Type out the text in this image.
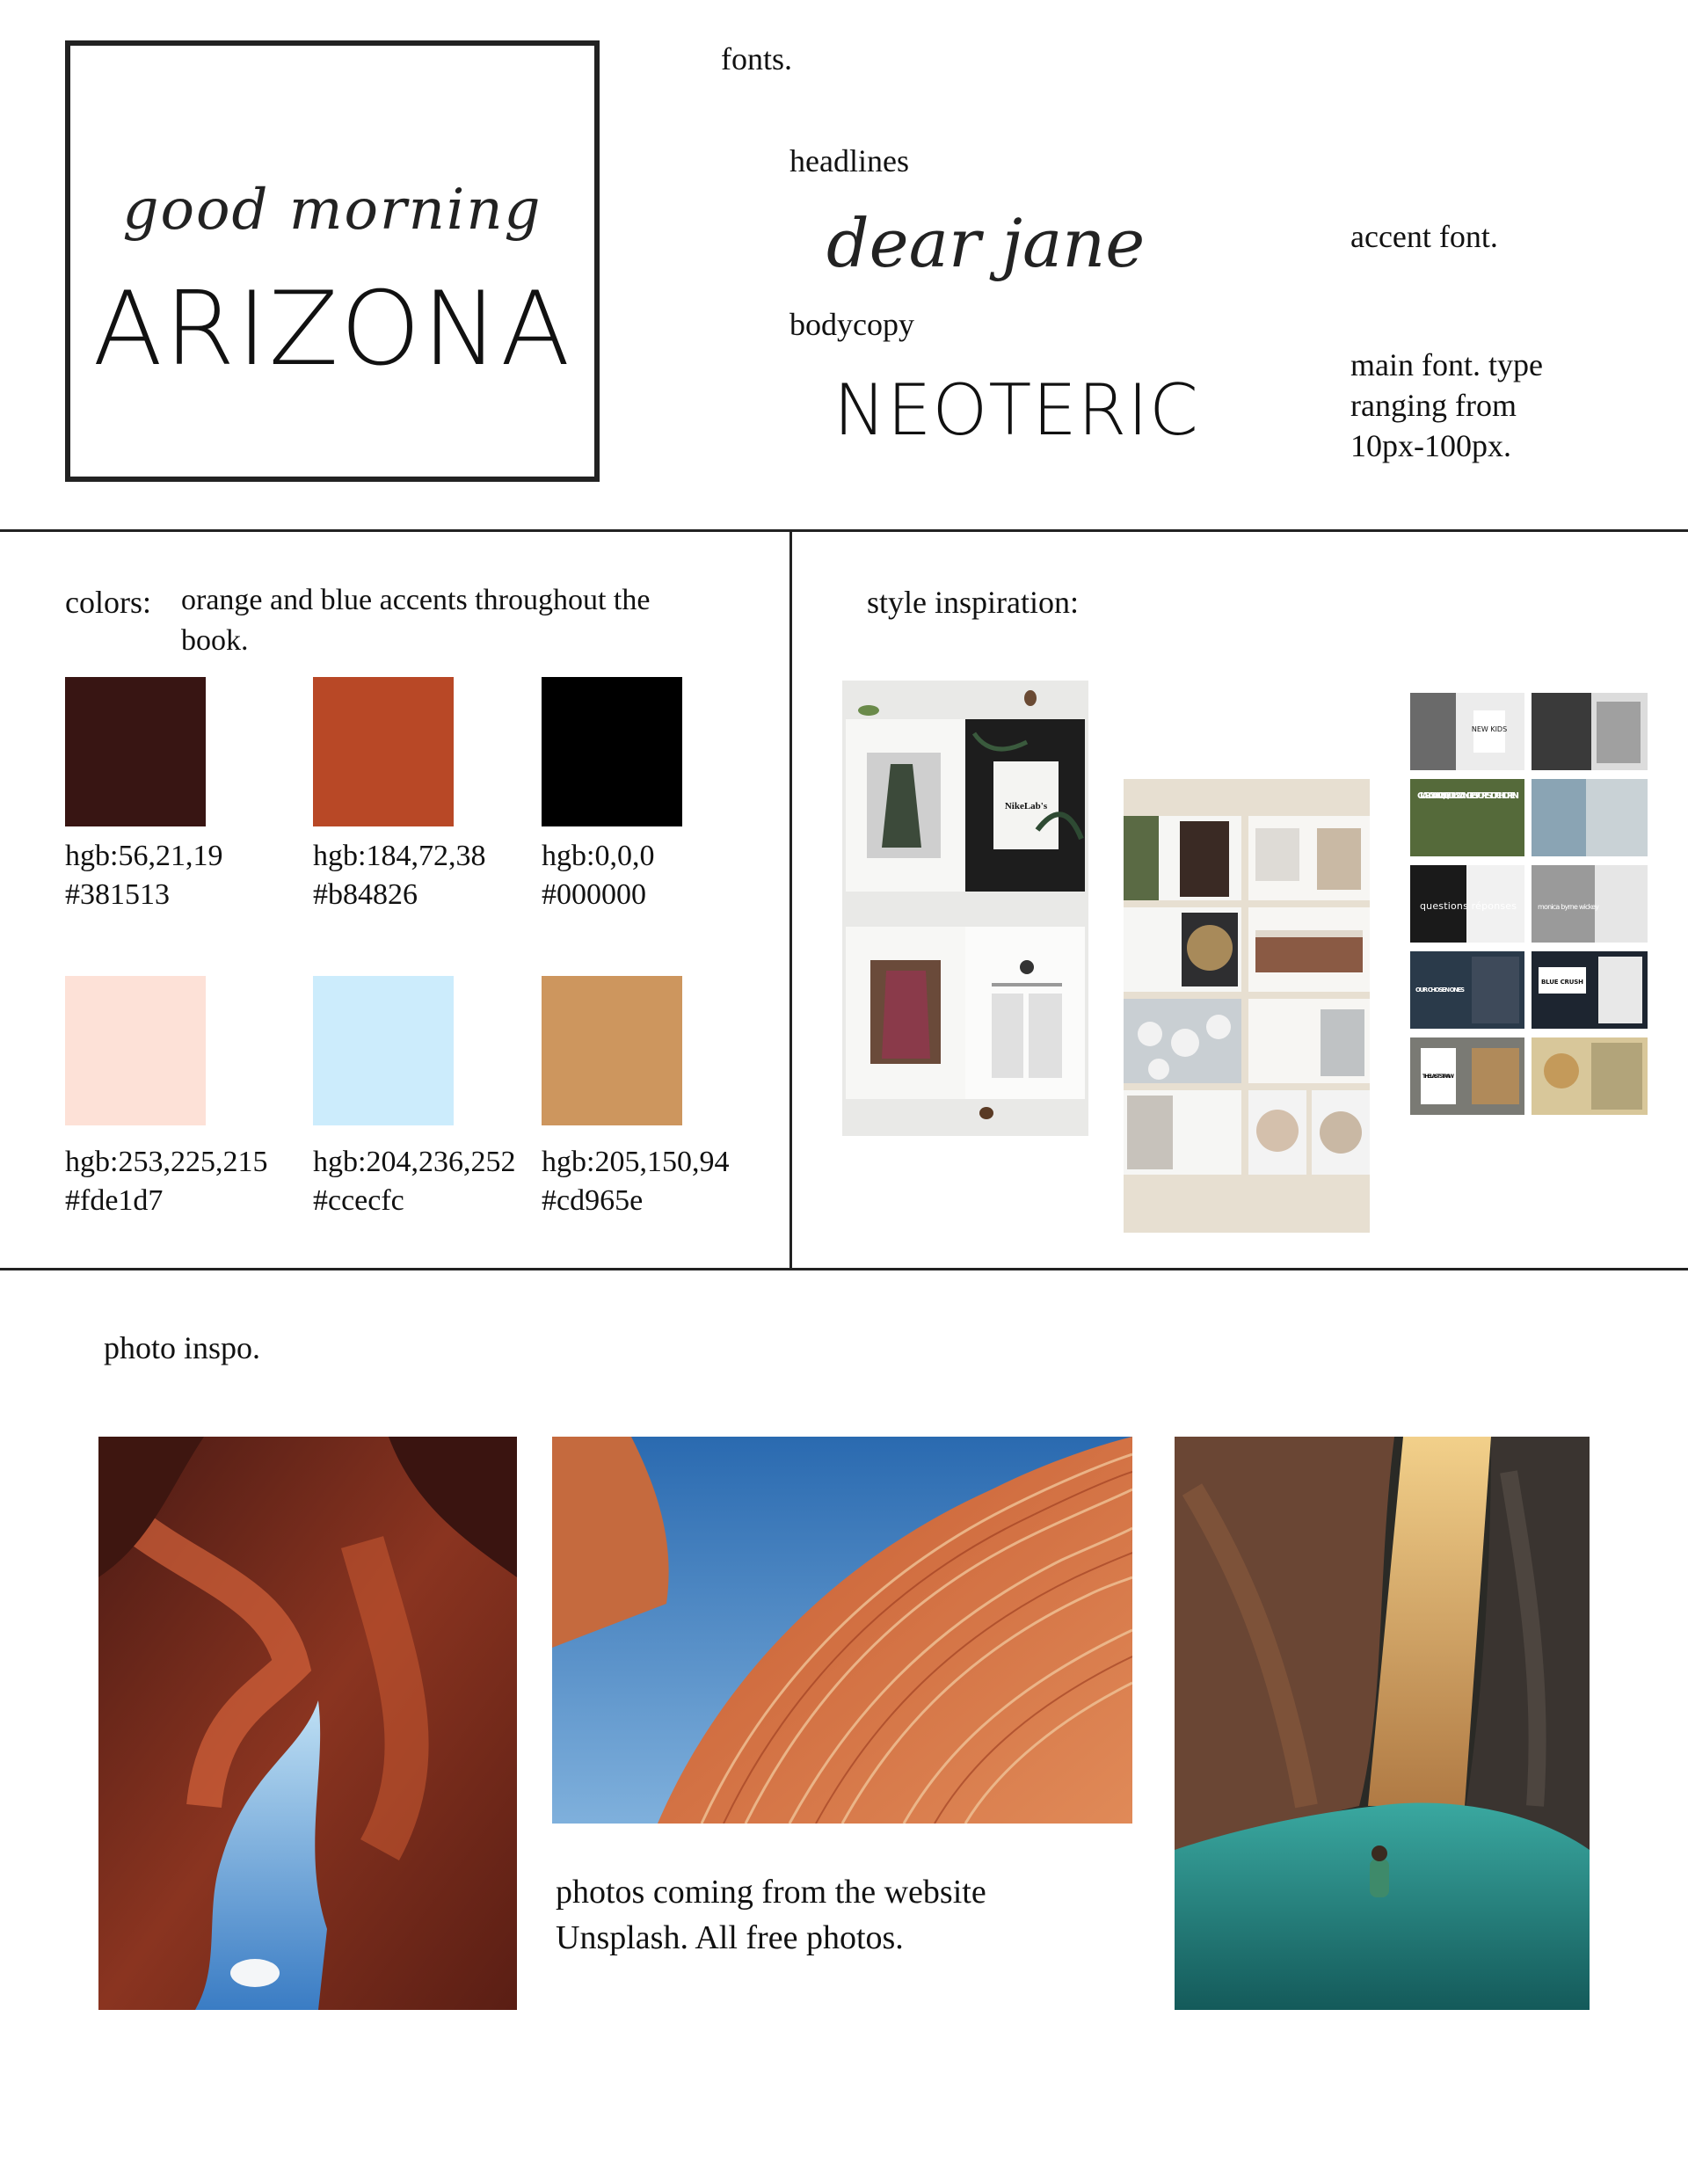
good morning
ARIZONA
fonts.
headlines
dear jane	accent font.
bodycopy
NEOTERIC
main font. type
ranging from
10px-100px.
colors: orange and blue accents throughout the
book.
hgb:56,21,19
#381513
hgb:184,72,38
#b84826
hgb:0,0,0
#000000
hgb:253,225,215
#fde1d7
hgb:204,236,252
#ccecfc
hgb:205,150,94
#cd965e
style inspiration:
NikeLab's
NEW KIDS
CLARA 3000 20/07/11 16:22 ANGLES FOREST OF CHILDREN
questions réponses	monica byrne wickey
OUR CHOSEN ONES
BLUE CRUSH
THE LAST STRAW
photo inspo.
photos coming from the website
Unsplash. All free photos.
